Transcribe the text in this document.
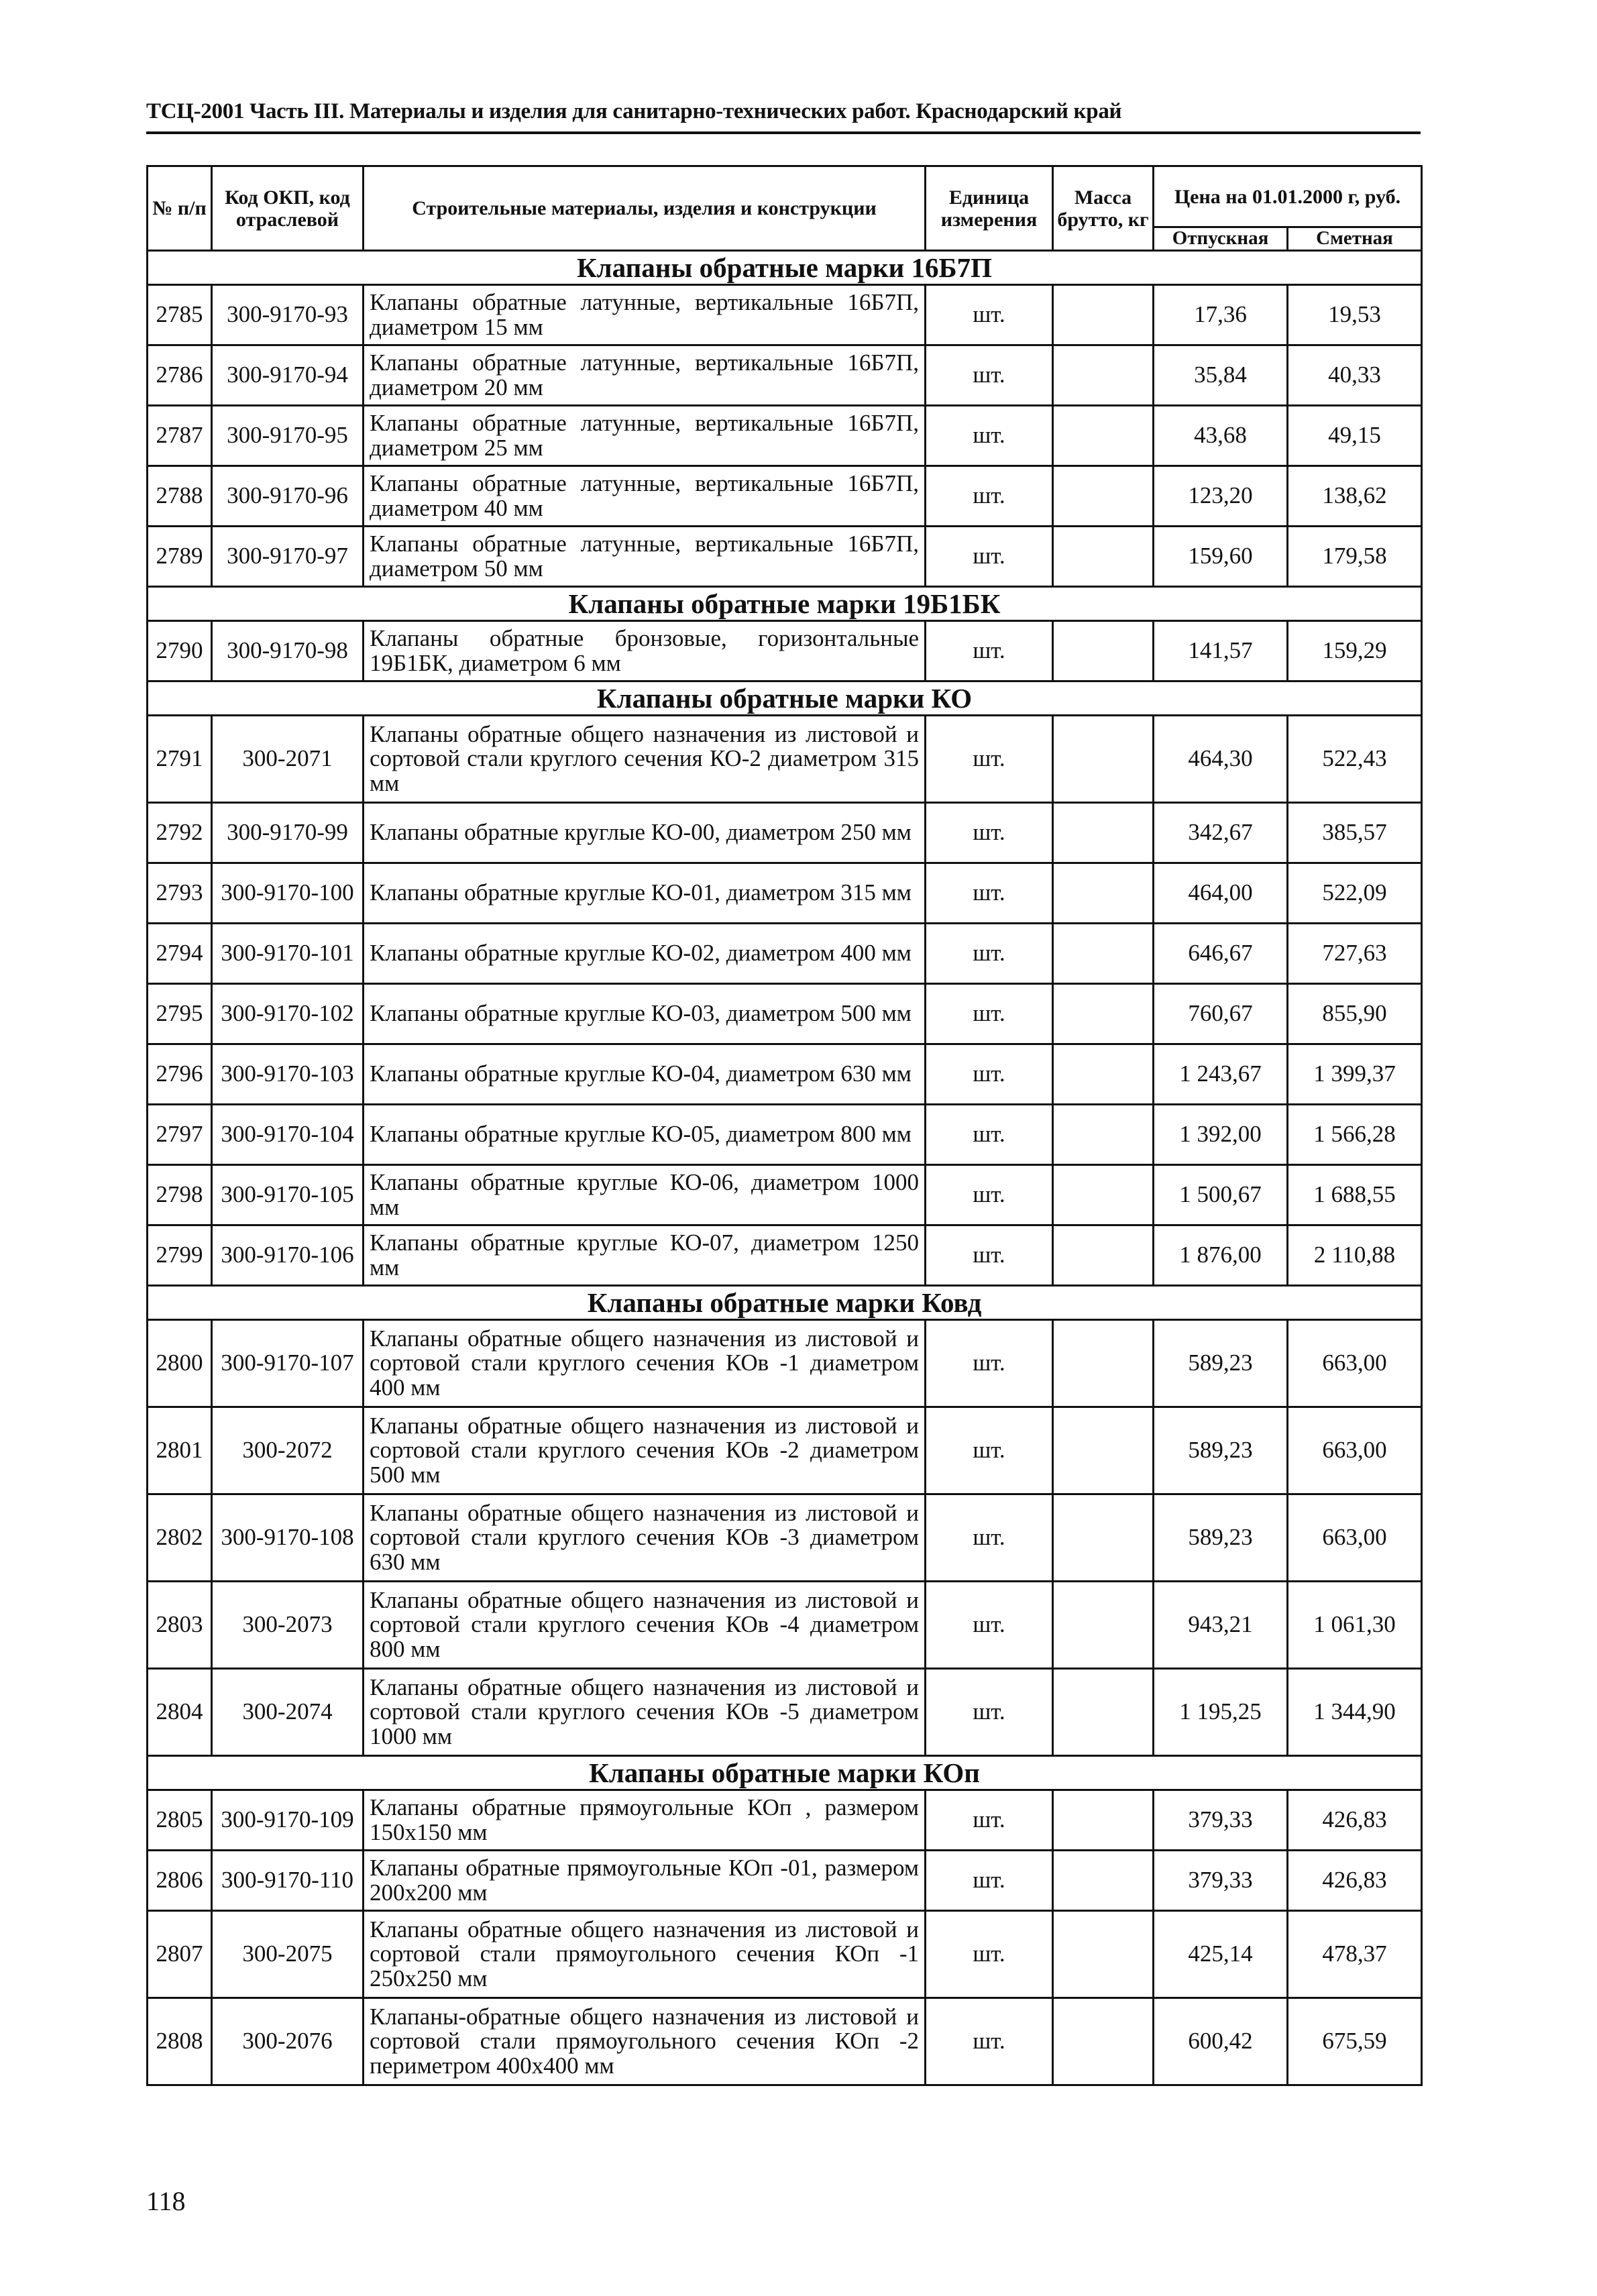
ТСЦ-2001 Часть III. Материалы и изделия для санитарно-технических работ. Краснодарский край
№ п/п	Код ОКП, код отраслевой	Строительные материалы, изделия и конструкции	Единица измерения	Масса брутто, кг	Цена на 01.01.2000 г, руб.	
					Отпускная	Сметная
Клапаны обратные марки 16Б7П						
2785	300-9170-93	Клапаны обратные латунные, вертикальные 16Б7П, диаметром 15 мм	шт.		17,36	19,53
2786	300-9170-94	Клапаны обратные латунные, вертикальные 16Б7П, диаметром 20 мм	шт.		35,84	40,33
2787	300-9170-95	Клапаны обратные латунные, вертикальные 16Б7П, диаметром 25 мм	шт.		43,68	49,15
2788	300-9170-96	Клапаны обратные латунные, вертикальные 16Б7П, диаметром 40 мм	шт.		123,20	138,62
2789	300-9170-97	Клапаны обратные латунные, вертикальные 16Б7П, диаметром 50 мм	шт.		159,60	179,58
Клапаны обратные марки 19Б1БК						
2790	300-9170-98	Клапаны обратные бронзовые, горизонтальные 19Б1БК, диаметром 6 мм	шт.		141,57	159,29
Клапаны обратные марки КО						
2791	300-2071	Клапаны обратные общего назначения из листовой и сортовой стали круглого сечения КО-2 диаметром 315 мм	шт.		464,30	522,43
2792	300-9170-99	Клапаны обратные круглые КО-00, диаметром 250 мм	шт.		342,67	385,57
2793	300-9170-100	Клапаны обратные круглые КО-01, диаметром 315 мм	шт.		464,00	522,09
2794	300-9170-101	Клапаны обратные круглые КО-02, диаметром 400 мм	шт.		646,67	727,63
2795	300-9170-102	Клапаны обратные круглые КО-03, диаметром 500 мм	шт.		760,67	855,90
2796	300-9170-103	Клапаны обратные круглые КО-04, диаметром 630 мм	шт.		1 243,67	1 399,37
2797	300-9170-104	Клапаны обратные круглые КО-05, диаметром 800 мм	шт.		1 392,00	1 566,28
2798	300-9170-105	Клапаны обратные круглые КО-06, диаметром 1000 мм	шт.		1 500,67	1 688,55
2799	300-9170-106	Клапаны обратные круглые КО-07, диаметром 1250 мм	шт.		1 876,00	2 110,88
Клапаны обратные марки Ковд						
2800	300-9170-107	Клапаны обратные общего назначения из листовой и сортовой стали круглого сечения КОв -1 диаметром 400 мм	шт.		589,23	663,00
2801	300-2072	Клапаны обратные общего назначения из листовой и сортовой стали круглого сечения КОв -2 диаметром 500 мм	шт.		589,23	663,00
2802	300-9170-108	Клапаны обратные общего назначения из листовой и сортовой стали круглого сечения КОв -3 диаметром 630 мм	шт.		589,23	663,00
2803	300-2073	Клапаны обратные общего назначения из листовой и сортовой стали круглого сечения КОв -4 диаметром 800 мм	шт.		943,21	1 061,30
2804	300-2074	Клапаны обратные общего назначения из листовой и сортовой стали круглого сечения КОв -5 диаметром 1000 мм	шт.		1 195,25	1 344,90
Клапаны обратные марки КОп						
2805	300-9170-109	Клапаны обратные прямоугольные КОп , размером 150х150 мм	шт.		379,33	426,83
2806	300-9170-110	Клапаны обратные прямоугольные КОп -01, размером 200х200 мм	шт.		379,33	426,83
2807	300-2075	Клапаны обратные общего назначения из листовой и сортовой стали прямоугольного сечения КОп -1 250х250 мм	шт.		425,14	478,37
2808	300-2076	Клапаны-обратные общего назначения из листовой и сортовой стали прямоугольного сечения КОп -2 периметром 400х400 мм	шт.		600,42	675,59
118
